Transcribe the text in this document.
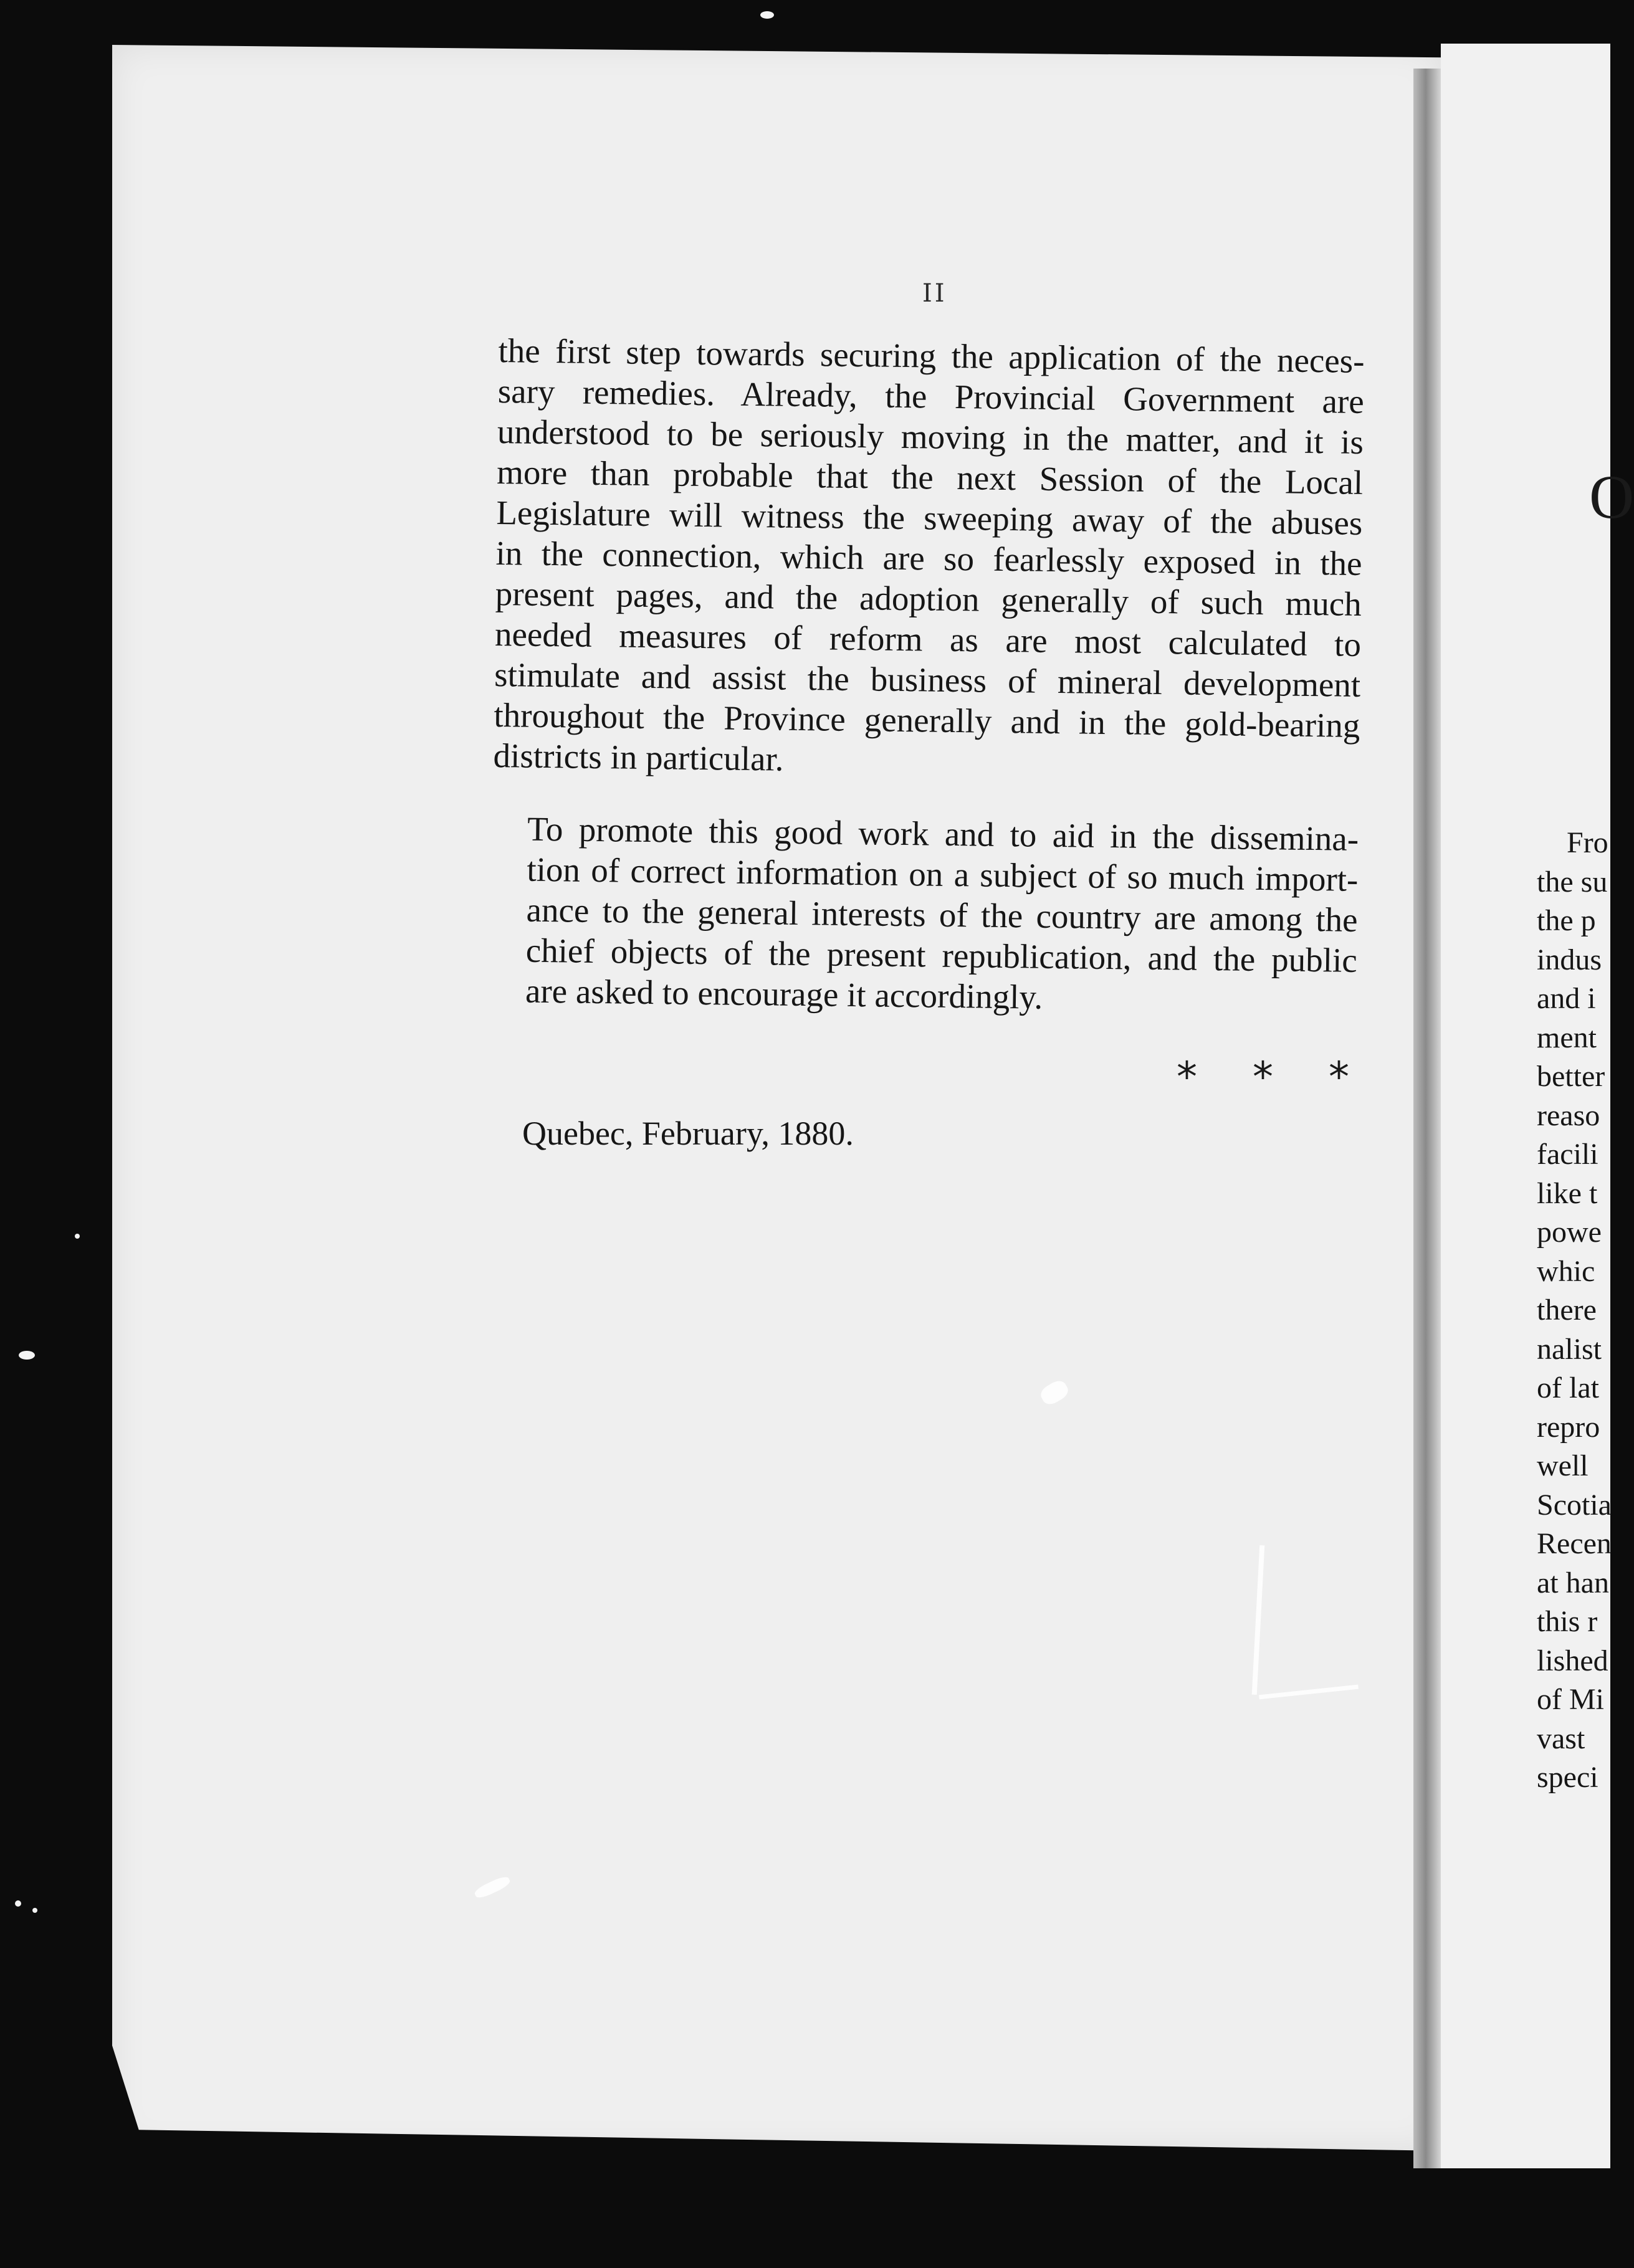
II

the first step towards securing the application of the neces-
sary remedies. Already, the Provincial Government are
understood to be seriously moving in the matter, and it is
more than probable that the next Session of the Local
Legislature will witness the sweeping away of the abuses
in the connection, which are so fearlessly exposed in the
present pages, and the adoption generally of such much
needed measures of reform as are most calculated to
stimulate and assist the business of mineral development
throughout the Province generally and in the gold-bearing
districts in particular.

To promote this good work and to aid in the dissemina-
tion of correct information on a subject of so much import-
ance to the general interests of the country are among the
chief objects of the present republication, and the public
are asked to encourage it accordingly.

* * *
Quebec, February, 1880.
O
Fro
the su
the p
indus
and i
ment
better
reaso
facili
like t
powe
whic
there
nalist
of lat
repro
well
Scotia
Recen
at han
this r
lished
of Mi
vast
speci
